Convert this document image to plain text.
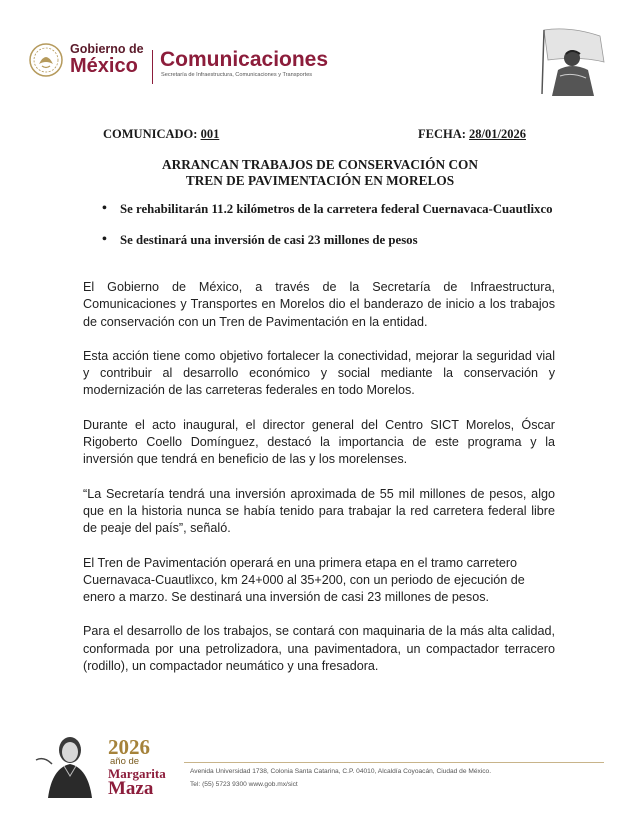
Gobierno de
México Comunicaciones
Secretaría de Infraestructura, Comunicaciones y Transportes
COMUNICADO: 001	FECHA: 28/01/2026
ARRANCAN TRABAJOS DE CONSERVACIÓN CON
TREN DE PAVIMENTACIÓN EN MORELOS
• Se rehabilitarán 11.2 kilómetros de la carretera federal Cuernavaca-Cuautlixco
• Se destinará una inversión de casi 23 millones de pesos

El Gobierno de México, a través de la Secretaría de Infraestructura, Comunicaciones y Transportes en Morelos dio el banderazo de inicio a los trabajos de conservación con un Tren de Pavimentación en la entidad.

Esta acción tiene como objetivo fortalecer la conectividad, mejorar la seguridad vial y contribuir al desarrollo económico y social mediante la conservación y modernización de las carreteras federales en todo Morelos.

Durante el acto inaugural, el director general del Centro SICT Morelos, Óscar Rigoberto Coello Domínguez, destacó la importancia de este programa y la inversión que tendrá en beneficio de las y los morelenses.

“La Secretaría tendrá una inversión aproximada de 55 mil millones de pesos, algo que en la historia nunca se había tenido para trabajar la red carretera federal libre de peaje del país”, señaló.

El Tren de Pavimentación operará en una primera etapa en el tramo carretero Cuernavaca-Cuautlixco, km 24+000 al 35+200, con un periodo de ejecución de enero a marzo. Se destinará una inversión de casi 23 millones de pesos.

Para el desarrollo de los trabajos, se contará con maquinaria de la más alta calidad, conformada por una petrolizadora, una pavimentadora, un compactador terracero (rodillo), un compactador neumático y una fresadora.

2026
año de
Margarita
Maza
Avenida Universidad 1738, Colonia Santa Catarina, C.P. 04010, Alcaldía Coyoacán, Ciudad de México.
Tel: (55) 5723 9300 www.gob.mx/sict
